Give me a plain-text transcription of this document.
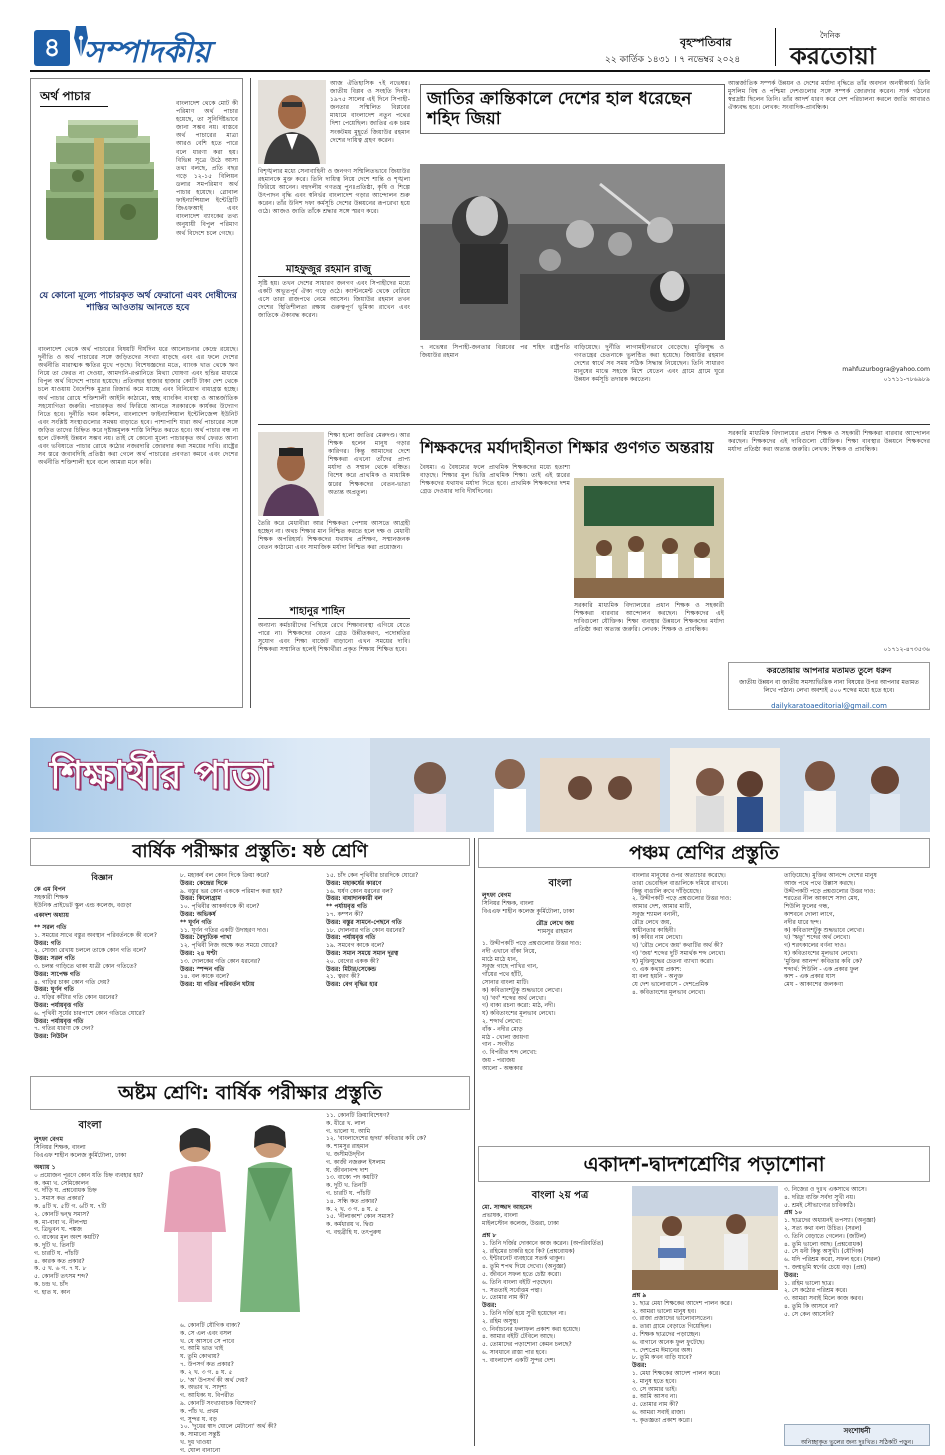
৪ সম্পাদকীয়	বৃহস্পতিবার
২২ কার্তিক ১৪৩১ । ৭ নভেম্বর ২০২৪
দৈনিক
করতোয়া
অর্থ পাচার
বাংলাদেশ থেকে মোট কী পরিমাণ অর্থ পাচার হয়েছে, তা সুনির্দিষ্টভাবে জানা সম্ভব নয়। বাস্তবে অর্থ পাচারের মাত্রা আরও বেশি হতে পারে বলে ধারণা করা হয়। বিভিন্ন সূত্রে উঠে আসা তথ্য বলছে, প্রতি বছর গড়ে ১২-১৫ বিলিয়ন ডলার সমপরিমাণ অর্থ পাচার হয়েছে। গ্লোবাল ফাইন্যান্সিয়াল ইন্টেগ্রিটি জিএফআই এবং বাংলাদেশ ব্যাংকের তথ্য অনুযায়ী বিপুল পরিমাণ অর্থ বিদেশে চলে গেছে।
যে কোনো মূল্যে পাচারকৃত অর্থ ফেরানো এবং দোষীদের শাস্তির আওতায় আনতে হবে
বাংলাদেশ থেকে অর্থ পাচারের বিষয়টি দীর্ঘদিন ধরে আলোচনার কেন্দ্রে রয়েছে। দুর্নীতি ও অর্থ পাচারের সঙ্গে জড়িতদের সংখ্যা বাড়ছে এবং এর ফলে দেশের অর্থনীতি মারাত্মক ক্ষতির মুখে পড়ছে। বিশেষজ্ঞদের মতে, ব্যাংক খাত থেকে ঋণ নিয়ে তা ফেরত না দেওয়া, আমদানি-রপ্তানিতে মিথ্যা ঘোষণা এবং হুন্ডির মাধ্যমে বিপুল অর্থ বিদেশে পাচার হয়েছে। প্রতিবছর হাজার হাজার কোটি টাকা দেশ থেকে চলে যাওয়ায় বৈদেশিক মুদ্রার রিজার্ভ কমে যাচ্ছে এবং বিনিয়োগ বাধাগ্রস্ত হচ্ছে। অর্থ পাচার রোধে শক্তিশালী আইনি কাঠামো, স্বচ্ছ ব্যাংকিং ব্যবস্থা ও আন্তর্জাতিক সহযোগিতা জরুরি। পাচারকৃত অর্থ ফিরিয়ে আনতে সরকারকে কার্যকর উদ্যোগ নিতে হবে। দুর্নীতি দমন কমিশন, বাংলাদেশ ফাইন্যান্সিয়াল ইন্টেলিজেন্স ইউনিট এবং সংশ্লিষ্ট সংস্থাগুলোর সমন্বয় বাড়াতে হবে। পাশাপাশি যারা অর্থ পাচারের সঙ্গে জড়িত তাদের চিহ্নিত করে দৃষ্টান্তমূলক শাস্তি নিশ্চিত করতে হবে। অর্থ পাচার বন্ধ না হলে টেকসই উন্নয়ন সম্ভব নয়। তাই যে কোনো মূল্যে পাচারকৃত অর্থ ফেরত আনা এবং ভবিষ্যতে পাচার রোধে কঠোর নজরদারি জোরদার করা সময়ের দাবি। রাষ্ট্রের সব স্তরে জবাবদিহি প্রতিষ্ঠা করা গেলে অর্থ পাচারের প্রবণতা কমবে এবং দেশের অর্থনীতি শক্তিশালী হবে বলে আমরা মনে করি।
আজ ঐতিহাসিক ৭ই নভেম্বর। জাতীয় বিপ্লব ও সংহতি দিবস। ১৯৭৫ সালের এই দিনে সিপাহী-জনতার সম্মিলিত বিপ্লবের মাধ্যমে বাংলাদেশ নতুন পথের দিশা পেয়েছিল। জাতির এক চরম সংকটময় মুহূর্তে জিয়াউর রহমান দেশের দায়িত্ব গ্রহণ করেন।
বিশৃঙ্খলার মধ্যে সেনাবাহিনী ও জনগণ সম্মিলিতভাবে জিয়াউর রহমানকে মুক্ত করে। তিনি দায়িত্ব নিয়ে দেশে শান্তি ও শৃঙ্খলা ফিরিয়ে আনেন। বহুদলীয় গণতন্ত্র পুনঃপ্রতিষ্ঠা, কৃষি ও শিল্পে উৎপাদন বৃদ্ধি এবং স্বনির্ভর বাংলাদেশ গড়ার আন্দোলন শুরু করেন। তাঁর উনিশ দফা কর্মসূচি দেশের উন্নয়নের রূপরেখা হয়ে ওঠে। আজও জাতি তাঁকে শ্রদ্ধার সঙ্গে স্মরণ করে।
মাহফুজুর রহমান রাজু
সৃষ্টি হয়। তখন দেশের সাধারণ জনগণ এবং সিপাহীদের মধ্যে একটি অভূতপূর্ব ঐক্য গড়ে ওঠে। ক্যান্টনমেন্ট থেকে বেরিয়ে এসে তারা রাজপথে নেমে আসেন। জিয়াউর রহমান তখন দেশের স্থিতিশীলতা রক্ষায় গুরুত্বপূর্ণ ভূমিকা রাখেন এবং জাতিকে ঐক্যবদ্ধ করেন।
জাতির ক্রান্তিকালে দেশের হাল ধরেছেন শহিদ জিয়া
৭ নভেম্বর সিপাহী-জনতার বিপ্লবের পর শহিদ রাষ্ট্রপতি জিয়াউর রহমান
বাড়িয়েছে। দুর্নীতি লাগামহীনভাবে বেড়েছে। মুক্তিযুদ্ধ ও গণতন্ত্রের চেতনাকে ভুলণ্ঠিত করা হয়েছে। জিয়াউর রহমান দেশের স্বার্থে সব সময় সঠিক সিদ্ধান্ত নিয়েছেন। তিনি সাধারণ মানুষের মাঝে সহজে মিশে যেতেন এবং গ্রামে গ্রামে ঘুরে উন্নয়ন কর্মসূচি তদারক করতেন।
আন্তর্জাতিক সম্পর্ক উন্নয়ন ও দেশের মর্যাদা বৃদ্ধিতে তাঁর অবদান অনস্বীকার্য। তিনি মুসলিম বিশ্ব ও পশ্চিমা দেশগুলোর সঙ্গে সম্পর্ক জোরদার করেন। সার্ক গঠনের স্বপ্নদ্রষ্টা ছিলেন তিনি। তাঁর আদর্শ ধারণ করে দেশ পরিচালনা করলে জাতি আবারও ঐক্যবদ্ধ হবে। লেখক: সংবাদিক-প্রাবন্ধিক।
mahfuzurbogra@yahoo.com
০১৭১১-৭৮৬৯৮৯
শিক্ষা হলো জাতির মেরুদণ্ড। আর শিক্ষক হলেন মানুষ গড়ার কারিগর। কিন্তু আমাদের দেশে শিক্ষকরা এখনো তাঁদের প্রাপ্য মর্যাদা ও সম্মান থেকে বঞ্চিত। বিশেষ করে প্রাথমিক ও মাধ্যমিক স্তরের শিক্ষকদের বেতন-ভাতা অত্যন্ত অপ্রতুল।
তৈরি করে মেধাবীরা আর শিক্ষকতা পেশায় আসতে আগ্রহী হচ্ছেন না। অথচ শিক্ষার মান নিশ্চিত করতে হলে দক্ষ ও মেধাবী শিক্ষক অপরিহার্য। শিক্ষকদের যথাযথ প্রশিক্ষণ, সম্মানজনক বেতন কাঠামো এবং সামাজিক মর্যাদা নিশ্চিত করা প্রয়োজন।
শাহানুর শাহিন
অন্যান্য কর্মচারীদের পিছিয়ে রেখে শিক্ষাব্যবস্থা এগিয়ে যেতে পারে না। শিক্ষকদের বেতন গ্রেড উন্নীতকরণ, পদোন্নতির সুযোগ এবং শিক্ষা বাজেট বাড়ানো এখন সময়ের দাবি। শিক্ষকরা সম্মানিত হলেই শিক্ষার্থীরা প্রকৃত শিক্ষায় শিক্ষিত হবে।
শিক্ষকদের মর্যাদাহীনতা শিক্ষার গুণগত অন্তরায়
বৈষম্য। এ বৈষম্যের ফলে প্রাথমিক শিক্ষকদের মধ্যে হতাশা বাড়ছে। শিক্ষার মূল ভিত্তি প্রাথমিক শিক্ষা। তাই এই স্তরের শিক্ষকদের যথাযথ মর্যাদা দিতে হবে। প্রাথমিক শিক্ষকদের দশম গ্রেড দেওয়ার দাবি দীর্ঘদিনের।
সরকারি মাধ্যমিক বিদ্যালয়ের প্রধান শিক্ষক ও সহকারী শিক্ষকরা বারবার আন্দোলন করছেন। শিক্ষকদের এই দাবিগুলো যৌক্তিক। শিক্ষা ব্যবস্থার উন্নয়নে শিক্ষকদের মর্যাদা প্রতিষ্ঠা করা অত্যন্ত জরুরি। লেখক: শিক্ষক ও প্রাবন্ধিক।
সরকারি মাধ্যমিক বিদ্যালয়ের প্রধান শিক্ষক ও সহকারী শিক্ষকরা বারবার আন্দোলন করছেন। শিক্ষকদের এই দাবিগুলো যৌক্তিক। শিক্ষা ব্যবস্থার উন্নয়নে শিক্ষকদের মর্যাদা প্রতিষ্ঠা করা অত্যন্ত জরুরি। লেখক: শিক্ষক ও প্রাবন্ধিক।
০১৭১২-৪৭৩৫৩৬
করতোয়ায় আপনার মতামত তুলে ধরুন
জাতীয় উন্নয়ন বা জাতীয় সমস্যাভিত্তিক নানা বিষয়ের উপর আপনার মতামত লিখে পাঠান। লেখা অবশ্যই ৫০০ শব্দের মধ্যে হতে হবে।
dailykaratoaeditorial@gmail.com
শিক্ষার্থীর পাতা
বার্ষিক পরীক্ষার প্রস্তুতি: ষষ্ঠ শ্রেণি
বিজ্ঞান
কে এম বিপন
সহকারী শিক্ষক
ইউনিক প্রাইভেট স্কুল এন্ড কলেজ, বগুড়া
একাদশ অধ্যায়
** সরল গতি
১. সময়ের সাথে বস্তুর অবস্থান পরিবর্তনকে কী বলে?
উত্তর: গতি
২. সোজা রেখায় চললে তাকে কোন গতি বলে?
উত্তর: সরল গতি
৩. চলন্ত গাড়িতে থাকা যাত্রী কোন গতিতে?
উত্তর: সাপেক্ষ গতি
৪. গাড়ির চাকা কোন গতি দেয়?
উত্তর: ঘূর্ণন গতি
৫. ঘড়ির কাঁটার গতি কোন ধরনের?
উত্তর: পর্যায়বৃত্ত গতি
৬. পৃথিবী সূর্যের চারপাশে কোন গতিতে ঘোরে?
উত্তর: পর্যায়বৃত্ত গতি
৭. গতির ধারণা কে দেন?
উত্তর: নিউটন
৮. মহাকর্ষ বল কোন দিকে ক্রিয়া করে?
উত্তর: কেন্দ্রের দিকে
৯. বস্তুর ভর কোন এককে পরিমাপ করা হয়?
উত্তর: কিলোগ্রাম
১০. পৃথিবীর আকর্ষণকে কী বলে?
উত্তর: অভিকর্ষ
** ঘূর্ণন গতি
১১. ঘূর্ণন গতির একটি উদাহরণ দাও।
উত্তর: বৈদ্যুতিক পাখা
১২. পৃথিবী নিজ অক্ষে কত সময়ে ঘোরে?
উত্তর: ২৪ ঘণ্টা
১৩. দোলকের গতি কোন ধরনের?
উত্তর: স্পন্দন গতি
১৪. বল কাকে বলে?
উত্তর: যা গতির পরিবর্তন ঘটায়
১৫. চাঁদ কেন পৃথিবীর চারদিকে ঘোরে?
উত্তর: মহাকর্ষের কারণে
১৬. ঘর্ষণ কোন ধরনের বল?
উত্তর: বাধাদানকারী বল
** পর্যায়বৃত্ত গতি
১৭. কম্পন কী?
উত্তর: বস্তুর সামনে-পেছনে গতি
১৮. দোলনার গতি কোন ধরনের?
উত্তর: পর্যায়বৃত্ত গতি
১৯. সমবেগ কাকে বলে?
উত্তর: সমান সময়ে সমান দূরত্ব
২০. বেগের একক কী?
উত্তর: মিটার/সেকেন্ড
২১. ত্বরণ কী?
উত্তর: বেগ বৃদ্ধির হার
অষ্টম শ্রেণি: বার্ষিক পরীক্ষার প্রস্তুতি
বাংলা
লুৎফা বেগম
সিনিয়র শিক্ষক, বাংলা
বিএএফ শাহীন কলেজ কুর্মিটোলা, ঢাকা
অধ্যায় ১
০ প্রয়োজন পূরণে কোন যতি চিহ্ন ব্যবহার হয়?
ক. কমা খ. সেমিকোলন
গ. দাঁড়ি ঘ. প্রশ্নবোধক চিহ্ন
১. সমাস কত প্রকার?
ক. ৪টি খ. ৫টি গ. ৬টি ঘ. ৭টি
২. কোনটি দ্বন্দ্ব সমাস?
ক. মা-বাবা খ. নীলপদ্ম
গ. ত্রিভুবন ঘ. পঙ্কজ
৩. বাক্যের মূল অংশ কয়টি?
ক. দুটি খ. তিনটি
গ. চারটি ঘ. পাঁচটি
৪. কারক কত প্রকার?
ক. ৫ খ. ৬ গ. ৭ ঘ. ৮
৫. কোনটি তৎসম শব্দ?
ক. চন্দ্র খ. চাঁদ
গ. হাত ঘ. কান
৬. কোনটি যৌগিক বাক্য?
ক. সে এল এবং বসল
খ. যে আসবে সে পাবে
গ. আমি ভাত খাই
ঘ. তুমি কোথায়?
৭. উপসর্গ কত প্রকার?
ক. ২ খ. ৩ গ. ৪ ঘ. ৫
৮. 'অ' উপসর্গ কী অর্থ দেয়?
ক. অভাব খ. সাদৃশ্য
গ. আধিক্য ঘ. বিপরীত
৯. কোনটি সংখ্যাবাচক বিশেষণ?
ক. পাঁচ খ. প্রথম
গ. সুন্দর ঘ. বড়
১০. 'দুধের স্বাদ ঘোলে মেটানো' অর্থ কী?
ক. সামান্যে সন্তুষ্ট
খ. দুধ খাওয়া
গ. ঘোল বানানো
১১. কোনটি ক্রিয়াবিশেষণ?
ক. ধীরে খ. লাল
গ. ভালো ঘ. আমি
১২. 'বাংলাদেশের হৃদয়' কবিতার কবি কে?
ক. শামসুর রাহমান
খ. জসীমউদ্‌দীন
গ. কাজী নজরুল ইসলাম
ঘ. জীবনানন্দ দাশ
১৩. বাক্যে পদ কয়টি?
ক. দুটি খ. তিনটি
গ. চারটি ঘ. পাঁচটি
১৪. সন্ধি কত প্রকার?
ক. ২ খ. ৩ গ. ৪ ঘ. ৫
১৫. 'নীলাকাশ' কোন সমাস?
ক. কর্মধারয় খ. দ্বিগু
গ. বহুব্রীহি ঘ. তৎপুরুষ
পঞ্চম শ্রেণির প্রস্তুতি
বাংলা
লুৎফা বেগম
সিনিয়র শিক্ষক, বাংলা
বিএএফ শাহীন কলেজ কুর্মিটোলা, ঢাকা
রৌদ্র লেখে জয়
শামসুর রাহমান
১. উদ্দীপকটি পড়ে প্রশ্নগুলোর উত্তর দাও:
নদী এখানে বাঁকা নিয়ে,
মাঠে মাঠে ধান,
সবুজ গাছে পাখির গান,
গাঁয়ের পথে হাঁটি,
সোনার বাংলা মাটি।
ক) কবিতাংশটুকু শুদ্ধভাবে লেখো।
খ) 'বর্ণ' শব্দের অর্থ লেখো।
গ) বাক্য রচনা করো: মাঠ, নদী।
ঘ) কবিতাংশের মূলভাব লেখো।
২. শব্দার্থ লেখো:
বাঁক - নদীর মোড়
মাঠ - খোলা জায়গা
গান - সংগীত
৩. বিপরীত শব্দ লেখো:
জয় - পরাজয়
আলো - অন্ধকার
বাংলার মানুষের ওপর অত্যাচার করেছে।
তারা ভেবেছিল বাঙালিকে দমিয়ে রাখবে।
কিন্তু বাঙালি রুখে দাঁড়িয়েছে।
২. উদ্দীপকটি পড়ে প্রশ্নগুলোর উত্তর দাও:
আমার দেশ, আমার মাটি,
সবুজ শ্যামল বনানী,
রৌদ্র লেখে জয়,
স্বাধীনতার কাহিনী।
ক) কবির নাম লেখো।
খ) 'রৌদ্র লেখে জয়' কথাটির অর্থ কী?
গ) 'জয়' শব্দের দুটি সমার্থক শব্দ লেখো।
ঘ) মুক্তিযুদ্ধের চেতনা ব্যাখ্যা করো।
৩. এক কথায় প্রকাশ:
যা বলা হয়নি - অনুক্ত
যে দেশ ভালোবাসে - দেশপ্রেমিক
৪. কবিতাংশের মূলভাব লেখো।
তাড়িয়েছে। মুক্তির আনন্দে দেশের মানুষ
আজ পথে পথে উল্লাস করছে।
উদ্দীপকটি পড়ে প্রশ্নগুলোর উত্তর দাও:
শরতের নীল আকাশে সাদা মেঘ,
শিউলি ফুলের গন্ধ,
কাশবনে দোলা লাগে,
নদীর ধারে ছন্দ।
ক) কবিতাংশটুকু শুদ্ধভাবে লেখো।
খ) 'ঋতু' শব্দের অর্থ লেখো।
গ) শরৎকালের বর্ণনা দাও।
ঘ) কবিতাংশের মূলভাব লেখো।
'মুক্তির আনন্দ' কবিতার কবি কে?
শব্দার্থ: শিউলি - এক প্রকার ফুল
কাশ - এক প্রকার ঘাস
মেঘ - আকাশের জলকণা
একাদশ-দ্বাদশশ্রেণির পড়াশোনা
বাংলা ২য় পত্র
মো. সাজ্জাদ আহমেদ
প্রভাষক, বাংলা
মাইলস্টোন কলেজ, উত্তরা, ঢাকা
প্রশ্ন ৮
১. তিনি দর্জির দোকানে কাজ করেন। (অপরিবর্তিত)
২. রহিমের চাকরি হবে কি? (প্রশ্নবোধক)
৩. ইন্টারনেট ব্যবহারে সতর্ক থাকুন।
৪. তুমি শপথ দিয়ে দেখো। (অনুজ্ঞা)
৫. জীবনে সফল হতে চেষ্টা করো।
৬. তিনি বাংলা বইটি পড়ছেন।
৭. সততাই সর্বোত্তম পন্থা।
৮. তোমার নাম কী?
উত্তর:
১. তিনি দর্জি হয়ে সুখী হয়েছেন না।
২. রহিম অসুস্থ।
৩. নির্বাচনের ফলাফল প্রকাশ করা হয়েছে।
৪. আমার বইটি টেবিলে আছে।
৫. তোমাদের পড়াশোনা কেমন চলছে?
৬. সাবধানে রাস্তা পার হবে।
৭. বাংলাদেশ একটি সুন্দর দেশ।
প্রশ্ন ৯
১. ছাত্র মেধা শিক্ষকের আদেশ পালন করে।
২. আমরা ভালো মানুষ হব।
৩. রাজা প্রজাদের ভালোবাসতেন।
৪. তারা গ্রামে বেড়াতে গিয়েছিল।
৫. শিক্ষক ছাত্রদের পড়াচ্ছেন।
৬. বাগানে অনেক ফুল ফুটেছে।
৭. দেশপ্রেম ঈমানের অঙ্গ।
৮. তুমি কখন বাড়ি যাবে?
উত্তর:
১. মেধা শিক্ষকের আদেশ পালন করে।
২. মানুষ হতে হবে।
৩. সে আমার ভাই।
৪. আমি আসব না।
৫. তোমার নাম কী?
৬. আমরা সবাই রাজা।
৭. কৃতজ্ঞতা প্রকাশ করো।
৩. নিজের ও দুঃখ একসাথে আসে।
৪. দরিদ্র ব্যক্তি সর্বদা সুখী নয়।
৫. শ্রমই সৌভাগ্যের চাবিকাঠি।
প্রশ্ন ১০
১. ছাত্রদের অধ্যয়নই তপস্যা। (অনুজ্ঞা)
২. সত্য কথা বলা উচিত। (সরল)
৩. তিনি বেড়াতে গেলেন। (জটিল)
৪. তুমি ভালো আছ। (প্রশ্নবোধক)
৫. সে ধনী কিন্তু অসুখী। (যৌগিক)
৬. যদি পরিশ্রম করো, সফল হবে। (সরল)
৭. জন্মভূমি স্বর্গের চেয়ে বড়। (প্রশ্ন)
উত্তর:
১. রহিম ভালো ছাত্র।
২. সে কঠোর পরিশ্রম করে।
৩. আমরা সবাই মিলে কাজ করব।
৪. তুমি কি আসবে না?
৫. সে কেন আসেনি?
সংশোধনী
অনিচ্ছাকৃত ভুলের জন্য দুঃখিত। সঠিকটি পড়ুন।
